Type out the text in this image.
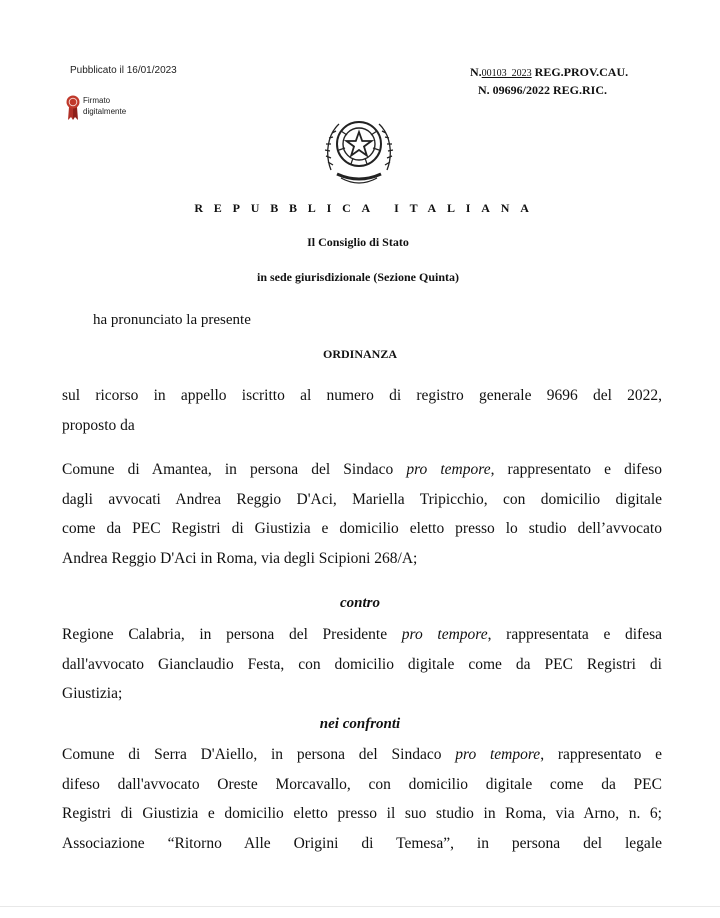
Pubblicato il 16/01/2023
Firmato
digitalmente
N.00103_2023 REG.PROV.CAU.
N. 09696/2022 REG.RIC.
REPUBBLICA ITALIANA
Il Consiglio di Stato
in sede giurisdizionale (Sezione Quinta)
ha pronunciato la presente
ORDINANZA
sul ricorso in appello iscritto al numero di registro generale 9696 del 2022,
proposto da
Comune di Amantea, in persona del Sindaco pro tempore, rappresentato e difeso
dagli avvocati Andrea Reggio D'Aci, Mariella Tripicchio, con domicilio digitale
come da PEC Registri di Giustizia e domicilio eletto presso lo studio dell’avvocato
Andrea Reggio D'Aci in Roma, via degli Scipioni 268/A;
contro
Regione Calabria, in persona del Presidente pro tempore, rappresentata e difesa
dall'avvocato Gianclaudio Festa, con domicilio digitale come da PEC Registri di
Giustizia;
nei confronti
Comune di Serra D'Aiello, in persona del Sindaco pro tempore, rappresentato e
difeso dall'avvocato Oreste Morcavallo, con domicilio digitale come da PEC
Registri di Giustizia e domicilio eletto presso il suo studio in Roma, via Arno, n. 6;
Associazione “Ritorno Alle Origini di Temesa”, in persona del legale
